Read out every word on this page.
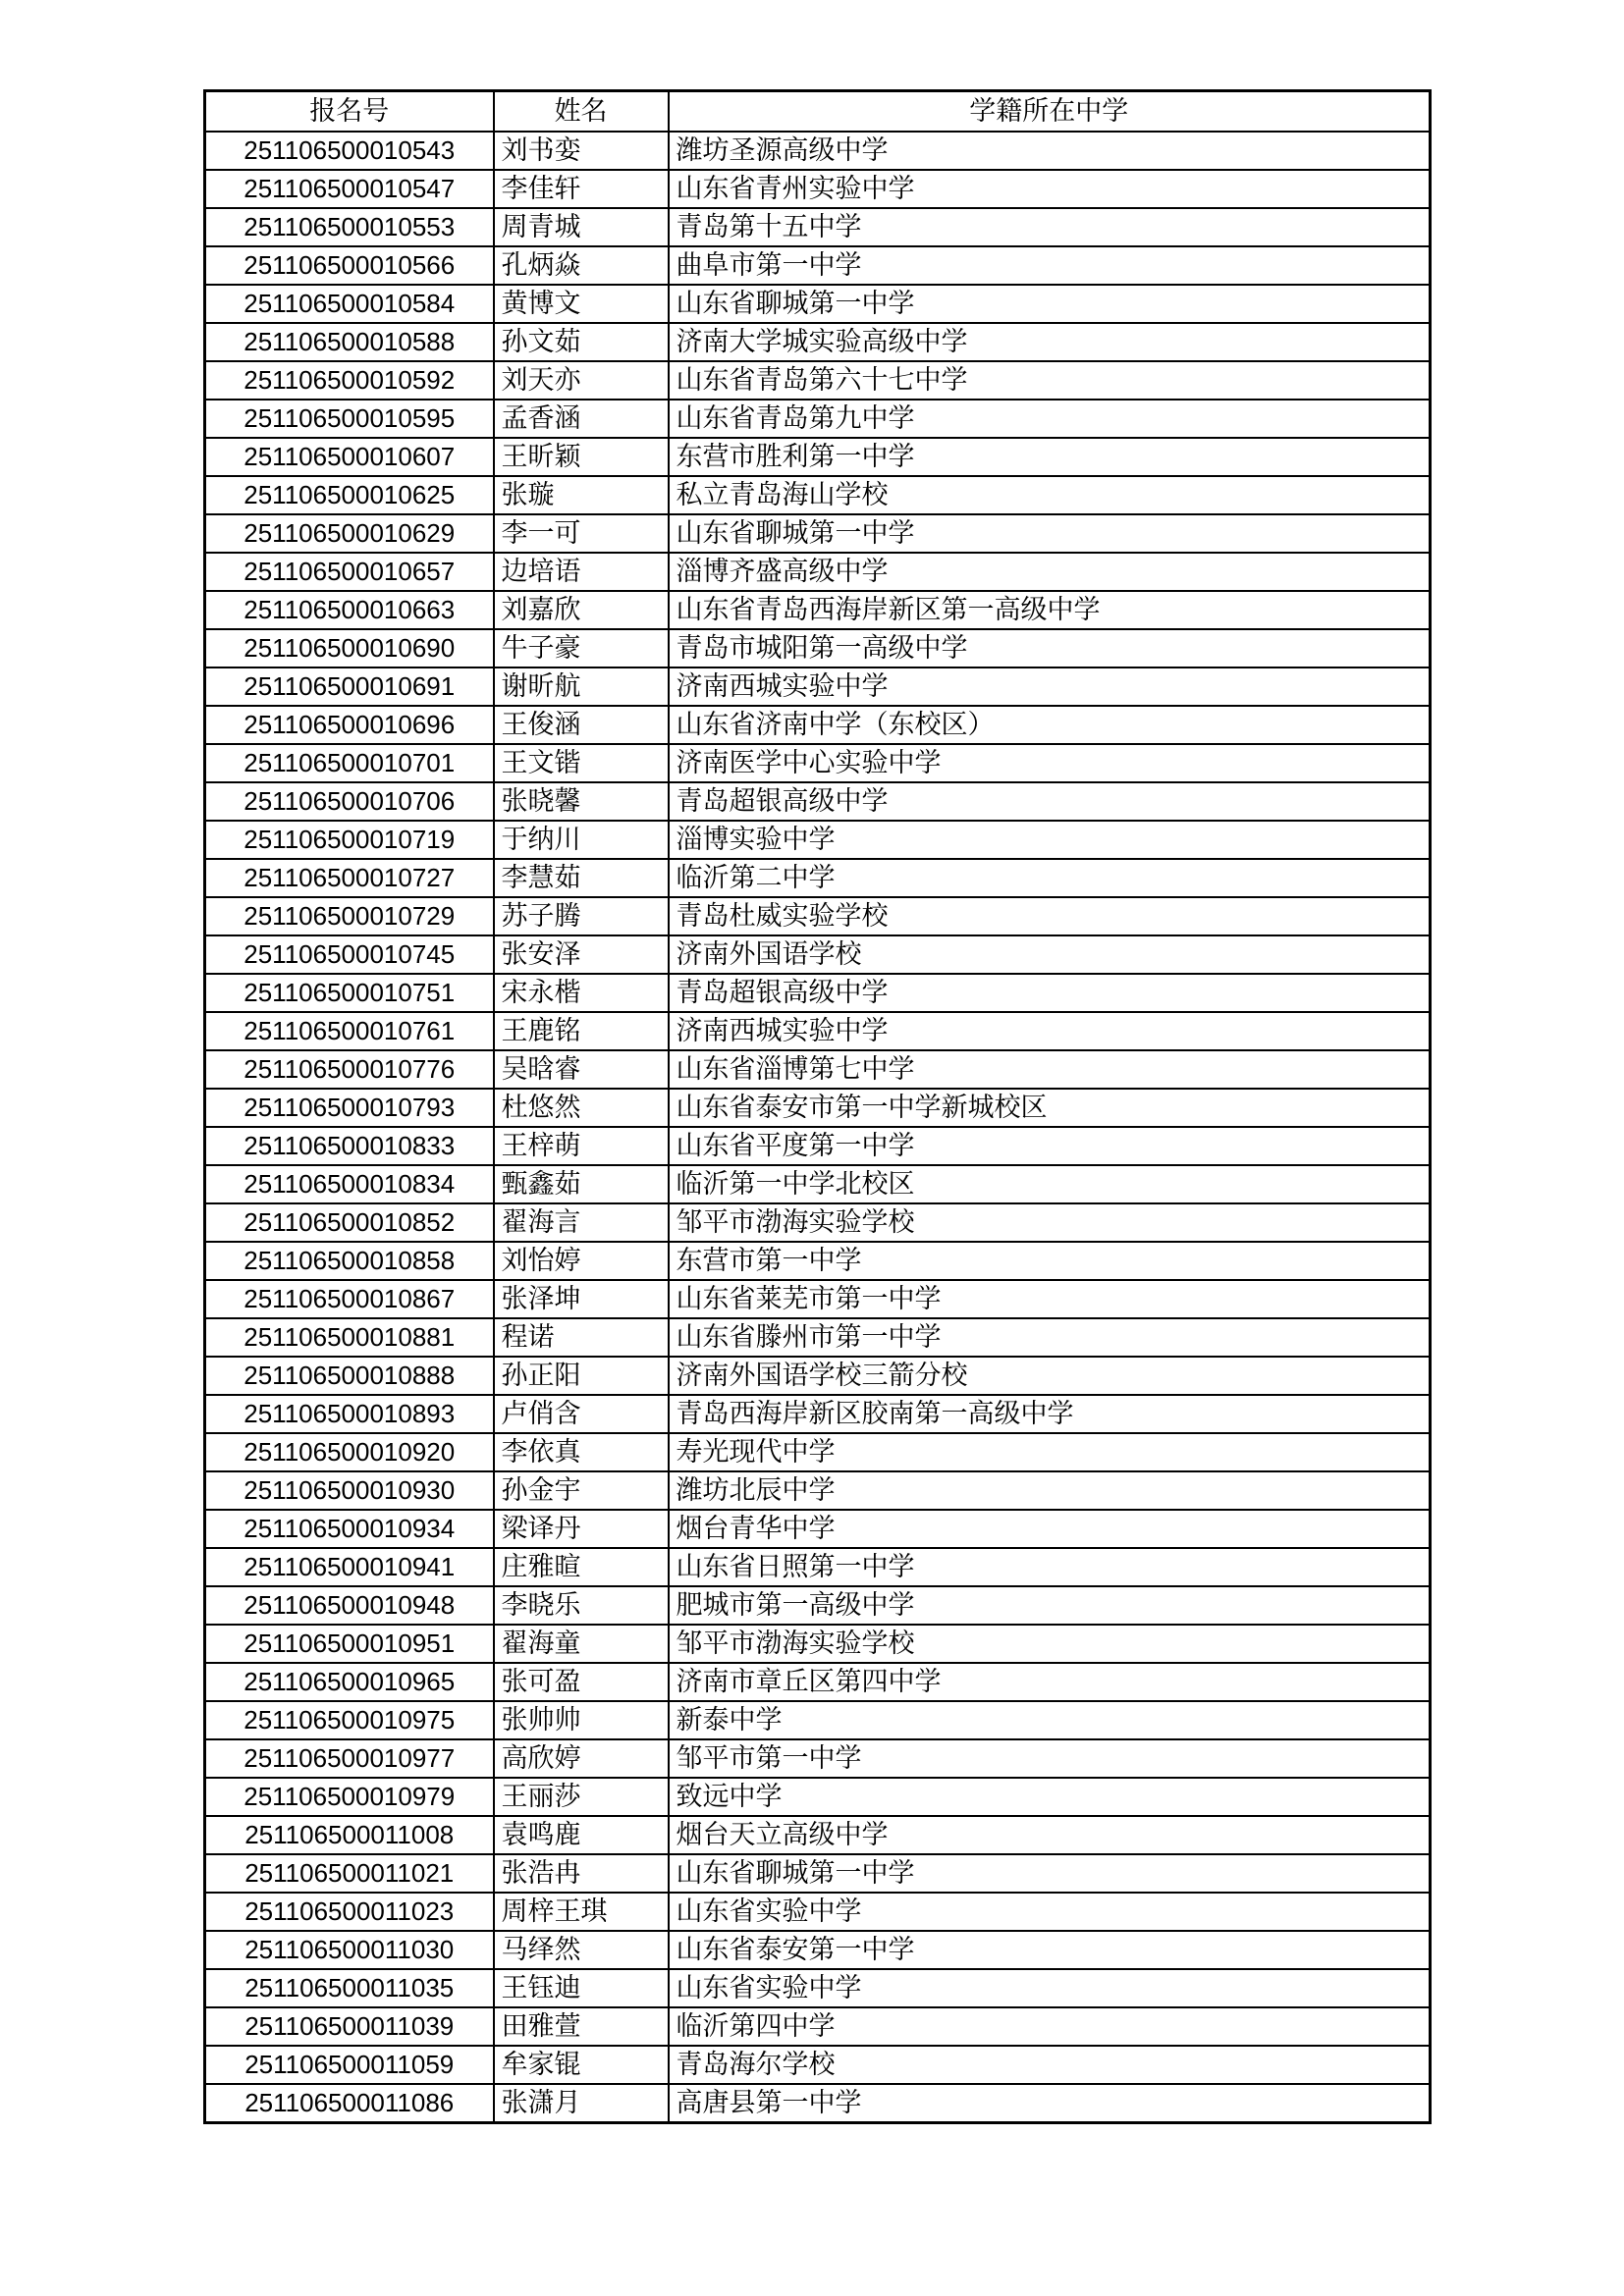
报名号	姓名	学籍所在中学
251106500010543	刘书娈	潍坊圣源高级中学
251106500010547	李佳轩	山东省青州实验中学
251106500010553	周青城	青岛第十五中学
251106500010566	孔炳焱	曲阜市第一中学
251106500010584	黄博文	山东省聊城第一中学
251106500010588	孙文茹	济南大学城实验高级中学
251106500010592	刘天亦	山东省青岛第六十七中学
251106500010595	孟香涵	山东省青岛第九中学
251106500010607	王昕颖	东营市胜利第一中学
251106500010625	张璇	私立青岛海山学校
251106500010629	李一可	山东省聊城第一中学
251106500010657	边培语	淄博齐盛高级中学
251106500010663	刘嘉欣	山东省青岛西海岸新区第一高级中学
251106500010690	牛子豪	青岛市城阳第一高级中学
251106500010691	谢昕航	济南西城实验中学
251106500010696	王俊涵	山东省济南中学（东校区）
251106500010701	王文锴	济南医学中心实验中学
251106500010706	张晓馨	青岛超银高级中学
251106500010719	于纳川	淄博实验中学
251106500010727	李慧茹	临沂第二中学
251106500010729	苏子腾	青岛杜威实验学校
251106500010745	张安泽	济南外国语学校
251106500010751	宋永楷	青岛超银高级中学
251106500010761	王鹿铭	济南西城实验中学
251106500010776	吴晗睿	山东省淄博第七中学
251106500010793	杜悠然	山东省泰安市第一中学新城校区
251106500010833	王梓萌	山东省平度第一中学
251106500010834	甄鑫茹	临沂第一中学北校区
251106500010852	翟海言	邹平市渤海实验学校
251106500010858	刘怡婷	东营市第一中学
251106500010867	张泽坤	山东省莱芜市第一中学
251106500010881	程诺	山东省滕州市第一中学
251106500010888	孙正阳	济南外国语学校三箭分校
251106500010893	卢俏含	青岛西海岸新区胶南第一高级中学
251106500010920	李依真	寿光现代中学
251106500010930	孙金宇	潍坊北辰中学
251106500010934	梁译丹	烟台青华中学
251106500010941	庄雅暄	山东省日照第一中学
251106500010948	李晓乐	肥城市第一高级中学
251106500010951	翟海童	邹平市渤海实验学校
251106500010965	张可盈	济南市章丘区第四中学
251106500010975	张帅帅	新泰中学
251106500010977	高欣婷	邹平市第一中学
251106500010979	王丽莎	致远中学
251106500011008	袁鸣鹿	烟台天立高级中学
251106500011021	张浩冉	山东省聊城第一中学
251106500011023	周梓王琪	山东省实验中学
251106500011030	马绎然	山东省泰安第一中学
251106500011035	王钰迪	山东省实验中学
251106500011039	田雅萱	临沂第四中学
251106500011059	牟家锟	青岛海尔学校
251106500011086	张潇月	高唐县第一中学
